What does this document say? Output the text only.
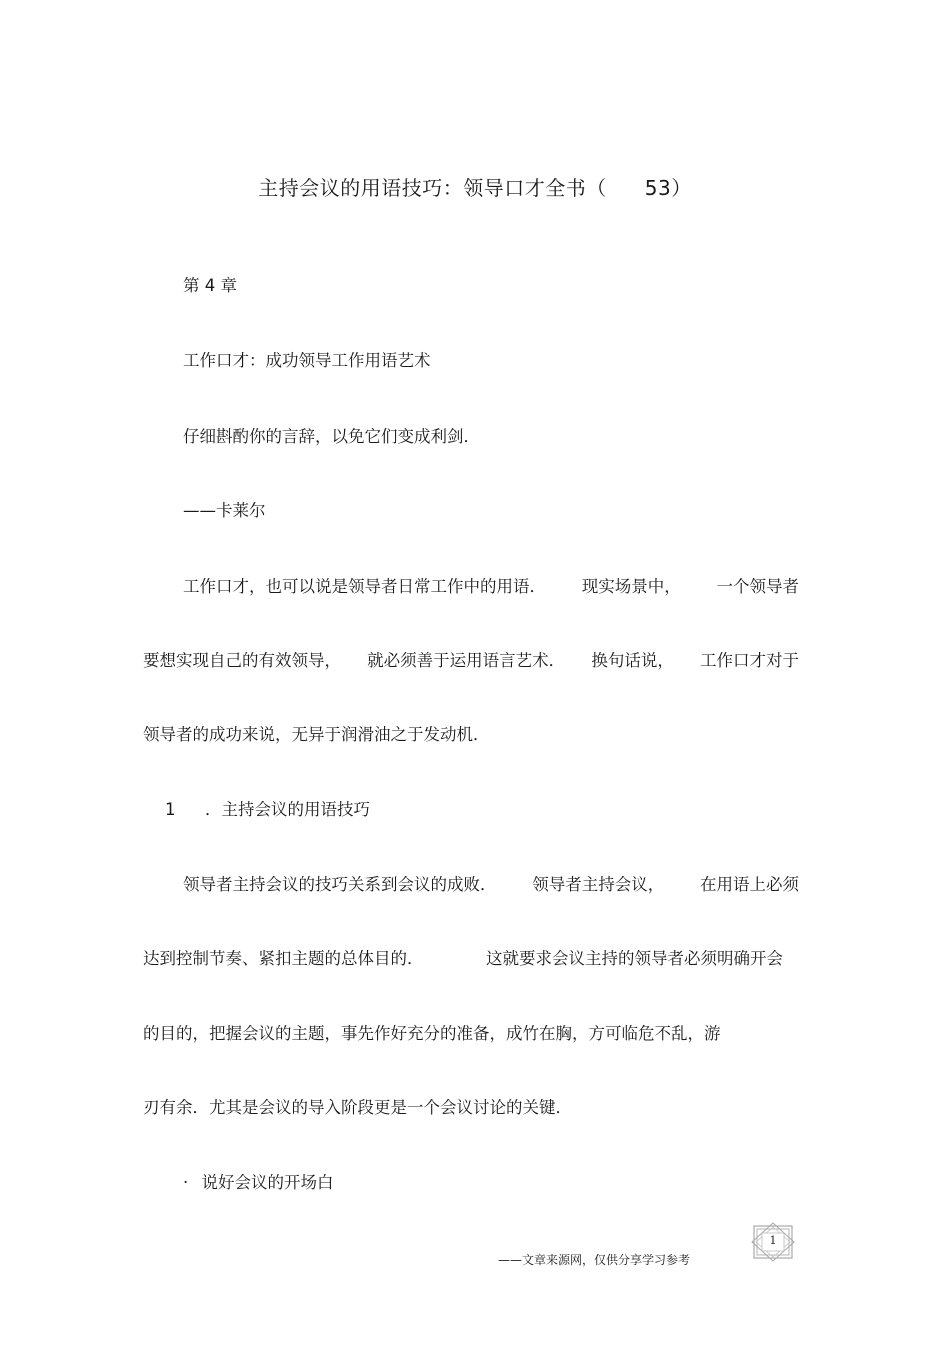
主持会议的用语技巧：领导口才全书（ 53）
第 4 章
工作口才：成功领导工作用语艺术
仔细斟酌你的言辞，以免它们变成利剑．
——卡莱尔
工作口才，也可以说是领导者日常工作中的用语． 现实场景中， 一个领导者
要想实现自己的有效领导， 就必须善于运用语言艺术． 换句话说， 工作口才对于
领导者的成功来说，无异于润滑油之于发动机．
1 ．主持会议的用语技巧
领导者主持会议的技巧关系到会议的成败． 领导者主持会议， 在用语上必须
达到控制节奏、紧扣主题的总体目的．	这就要求会议主持的领导者必须明确开会
的目的，把握会议的主题，事先作好充分的准备，成竹在胸，方可临危不乱，游
刃有余．尤其是会议的导入阶段更是一个会议讨论的关键．
· 说好会议的开场白
——文章来源网，仅供分享学习参考
1
